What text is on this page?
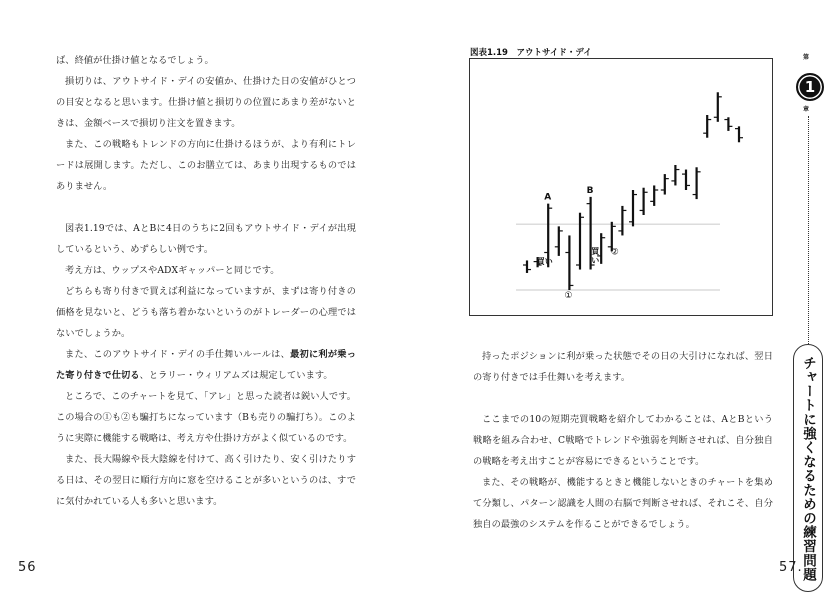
ば、終値が仕掛け値となるでしょう。

損切りは、アウトサイド・デイの安値か、仕掛けた日の安値がひとつの目安となると思います。仕掛け値と損切りの位置にあまり差がないときは、金額ベースで損切り注文を置きます。

また、この戦略もトレンドの方向に仕掛けるほうが、より有利にトレードは展開します。ただし、このお膳立ては、あまり出現するものではありません。

図表1.19では、AとBに4日のうちに2回もアウトサイド・デイが出現しているという、めずらしい例です。

考え方は、ウップスやADXギャッパーと同じです。

どちらも寄り付きで買えば利益になっていますが、まずは寄り付きの価格を見ないと、どうも落ち着かないというのがトレーダーの心理ではないでしょうか。

また、このアウトサイド・デイの手仕舞いルールは、最初に利が乗った寄り付きで仕切る、とラリー・ウィリアムズは規定しています。

ところで、このチャートを見て、「アレ」と思った読者は鋭い人です。この場合の①も②も騙打ちになっています（Bも売りの騙打ち）。このように実際に機能する戦略は、考え方や仕掛け方がよく似ているのです。

また、長大陽線や長大陰線を付けて、高く引けたり、安く引けたりする日は、その翌日に順行方向に窓を空けることが多いというのは、すでに気付かれている人も多いと思います。

56
図表1.19　アウトサイド・デイ
A
B
買い
買い
①
②

持ったポジションに利が乗った状態でその日の大引けになれば、翌日の寄り付きでは手仕舞いを考えます。

ここまでの10の短期売買戦略を紹介してわかることは、AとBという戦略を組み合わせ、C戦略でトレンドや強弱を判断させれば、自分独自の戦略を考え出すことが容易にできるということです。

また、その戦略が、機能するときと機能しないときのチャートを集めて分類し、パターン認識を人間の右脳で判断させれば、それこそ、自分独自の最強のシステムを作ることができるでしょう。

第
1
章
チャートに強くなるための練習問題
57.
